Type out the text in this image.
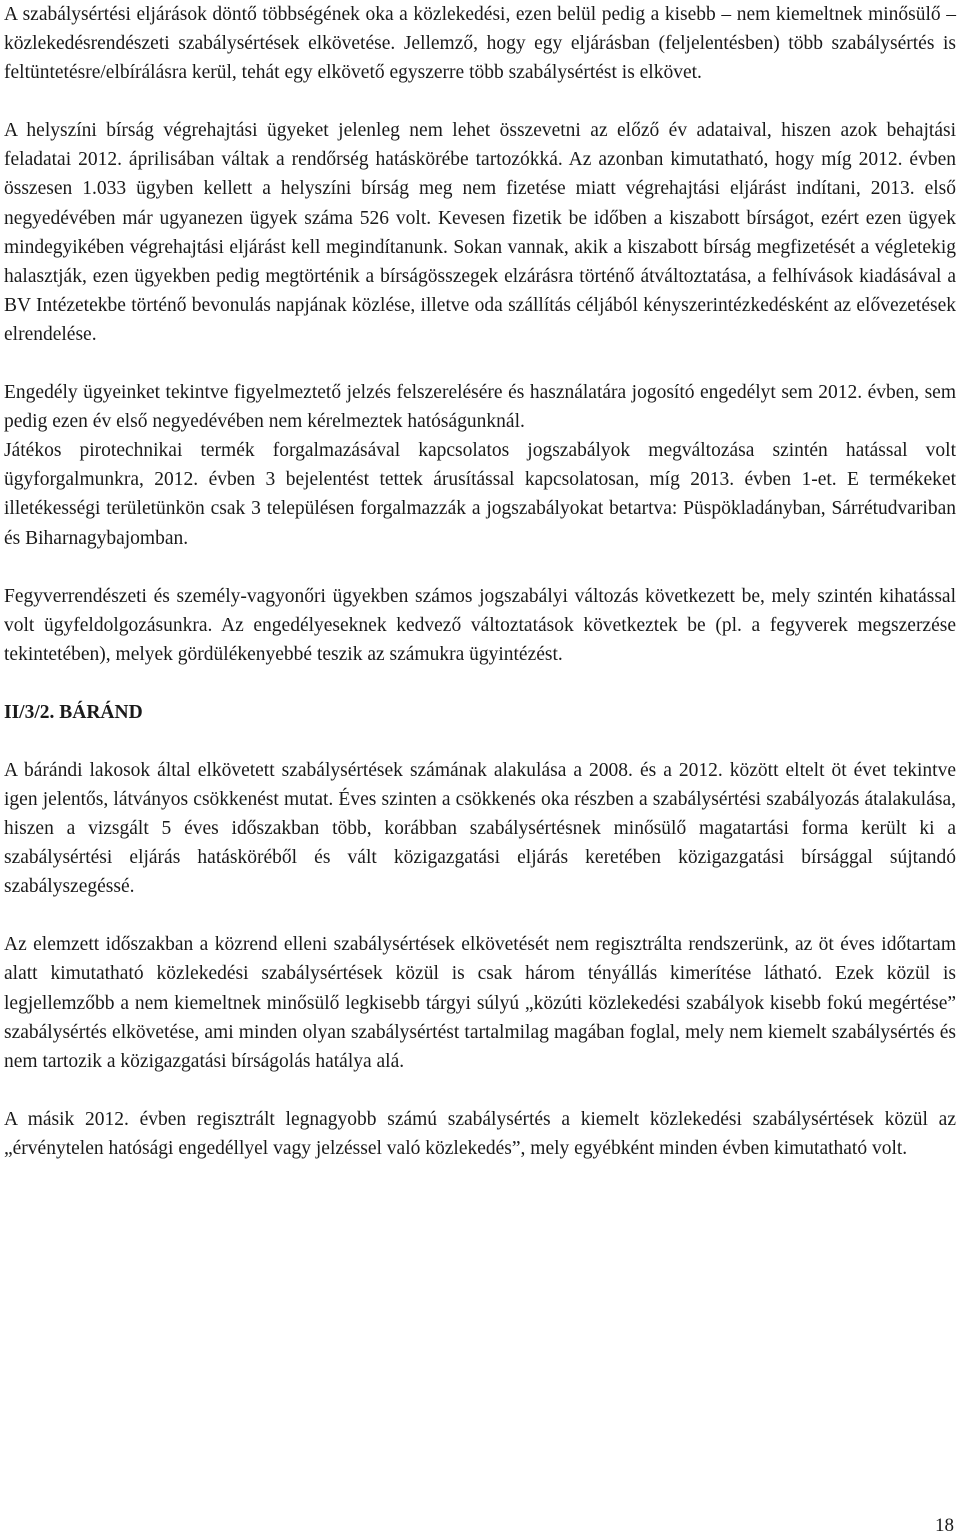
A szabálysértési eljárások döntő többségének oka a közlekedési, ezen belül pedig a kisebb – nem kiemeltnek minősülő – közlekedésrendészeti szabálysértések elkövetése. Jellemző, hogy egy eljárásban (feljelentésben) több szabálysértés is feltüntetésre/elbírálásra kerül, tehát egy elkövető egyszerre több szabálysértést is elkövet.

A helyszíni bírság végrehajtási ügyeket jelenleg nem lehet összevetni az előző év adataival, hiszen azok behajtási feladatai 2012. áprilisában váltak a rendőrség hatáskörébe tartozókká. Az azonban kimutatható, hogy míg 2012. évben összesen 1.033 ügyben kellett a helyszíni bírság meg nem fizetése miatt végrehajtási eljárást indítani, 2013. első negyedévében már ugyanezen ügyek száma 526 volt. Kevesen fizetik be időben a kiszabott bírságot, ezért ezen ügyek mindegyikében végrehajtási eljárást kell megindítanunk. Sokan vannak, akik a kiszabott bírság megfizetését a végletekig halasztják, ezen ügyekben pedig megtörténik a bírságösszegek elzárásra történő átváltoztatása, a felhívások kiadásával a BV Intézetekbe történő bevonulás napjának közlése, illetve oda szállítás céljából kényszerintézkedésként az elővezetések elrendelése.

Engedély ügyeinket tekintve figyelmeztető jelzés felszerelésére és használatára jogosító engedélyt sem 2012. évben, sem pedig ezen év első negyedévében nem kérelmeztek hatóságunknál.

Játékos pirotechnikai termék forgalmazásával kapcsolatos jogszabályok megváltozása szintén hatással volt ügyforgalmunkra, 2012. évben 3 bejelentést tettek árusítással kapcsolatosan, míg 2013. évben 1-et. E termékeket illetékességi területünkön csak 3 településen forgalmazzák a jogszabályokat betartva: Püspökladányban, Sárrétudvariban és Biharnagybajomban.

Fegyverrendészeti és személy-vagyonőri ügyekben számos jogszabályi változás következett be, mely szintén kihatással volt ügyfeldolgozásunkra. Az engedélyeseknek kedvező változtatások következtek be (pl. a fegyverek megszerzése tekintetében), melyek gördülékenyebbé teszik az számukra ügyintézést.

II/3/2. BÁRÁND

A bárándi lakosok által elkövetett szabálysértések számának alakulása a 2008. és a 2012. között eltelt öt évet tekintve igen jelentős, látványos csökkenést mutat. Éves szinten a csökkenés oka részben a szabálysértési szabályozás átalakulása, hiszen a vizsgált 5 éves időszakban több, korábban szabálysértésnek minősülő magatartási forma került ki a szabálysértési eljárás hatásköréből és vált közigazgatási eljárás keretében közigazgatási bírsággal sújtandó szabályszegéssé.

Az elemzett időszakban a közrend elleni szabálysértések elkövetését nem regisztrálta rendszerünk, az öt éves időtartam alatt kimutatható közlekedési szabálysértések közül is csak három tényállás kimerítése látható. Ezek közül is legjellemzőbb a nem kiemeltnek minősülő legkisebb tárgyi súlyú „közúti közlekedési szabályok kisebb fokú megértése” szabálysértés elkövetése, ami minden olyan szabálysértést tartalmilag magában foglal, mely nem kiemelt szabálysértés és nem tartozik a közigazgatási bírságolás hatálya alá.

A másik 2012. évben regisztrált legnagyobb számú szabálysértés a kiemelt közlekedési szabálysértések közül az „érvénytelen hatósági engedéllyel vagy jelzéssel való közlekedés”, mely egyébként minden évben kimutatható volt.

18
